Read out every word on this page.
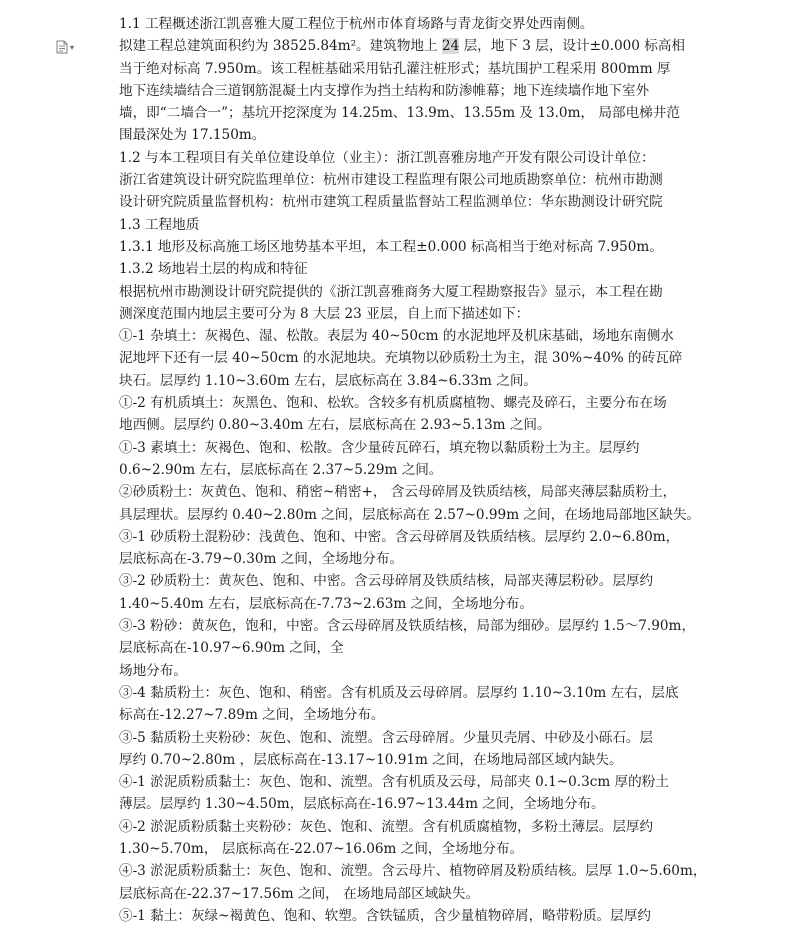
▾
1.1 工程概述浙江凯喜雅大厦工程位于杭州市体育场路与青龙街交界处西南侧。
拟建工程总建筑面积约为 38525.84m²。建筑物地上 24 层，地下 3 层，设计±0.000 标高相
当于绝对标高 7.950m。该工程桩基础采用钻孔灌注桩形式；基坑围护工程采用 800mm 厚
地下连续墙结合三道钢筋混凝土内支撑作为挡土结构和防渗帷幕；地下连续墙作地下室外
墙，即“二墙合一”；基坑开挖深度为 14.25m、13.9m、13.55m 及 13.0m， 局部电梯井范
围最深处为 17.150m。
1.2 与本工程项目有关单位建设单位（业主）：浙江凯喜雅房地产开发有限公司设计单位：
浙江省建筑设计研究院监理单位：杭州市建设工程监理有限公司地质勘察单位：杭州市勘测
设计研究院质量监督机构：杭州市建筑工程质量监督站工程监测单位：华东勘测设计研究院
1.3 工程地质
1.3.1 地形及标高施工场区地势基本平坦，本工程±0.000 标高相当于绝对标高 7.950m。
1.3.2 场地岩土层的构成和特征
根据杭州市勘测设计研究院提供的《浙江凯喜雅商务大厦工程勘察报告》显示，本工程在勘
测深度范围内地层主要可分为 8 大层 23 亚层，自上而下描述如下：
①-1 杂填土：灰褐色、湿、松散。表层为 40~50cm 的水泥地坪及机床基础，场地东南侧水
泥地坪下还有一层 40~50cm 的水泥地块。充填物以砂质粉土为主，混 30%~40% 的砖瓦碎
块石。层厚约 1.10~3.60m 左右，层底标高在 3.84~6.33m 之间。
①-2 有机质填土：灰黑色、饱和、松软。含较多有机质腐植物、螺壳及碎石，主要分布在场
地西侧。层厚约 0.80~3.40m 左右，层底标高在 2.93~5.13m 之间。
①-3 素填土：灰褐色、饱和、松散。含少量砖瓦碎石，填充物以黏质粉土为主。层厚约
0.6~2.90m 左右，层底标高在 2.37~5.29m 之间。
②砂质粉土：灰黄色、饱和、稍密~稍密+， 含云母碎屑及铁质结核，局部夹薄层黏质粉土，
具层理状。层厚约 0.40~2.80m 之间，层底标高在 2.57~0.99m 之间，在场地局部地区缺失。
③-1 砂质粉土混粉砂：浅黄色、饱和、中密。含云母碎屑及铁质结核。层厚约 2.0~6.80m，
层底标高在-3.79~0.30m 之间，全场地分布。
③-2 砂质粉土：黄灰色、饱和、中密。含云母碎屑及铁质结核，局部夹薄层粉砂。层厚约
1.40~5.40m 左右，层底标高在-7.73~2.63m 之间，全场地分布。
③-3 粉砂：黄灰色，饱和，中密。含云母碎屑及铁质结核，局部为细砂。层厚约 1.5～7.90m，
层底标高在-10.97~6.90m 之间，全
场地分布。
③-4 黏质粉土：灰色、饱和、稍密。含有机质及云母碎屑。层厚约 1.10~3.10m 左右，层底
标高在-12.27~7.89m 之间，全场地分布。
③-5 黏质粉土夹粉砂：灰色、饱和、流塑。含云母碎屑。少量贝壳屑、中砂及小砾石。层
厚约 0.70~2.80m ，层底标高在-13.17~10.91m 之间，在场地局部区域内缺失。
④-1 淤泥质粉质黏土：灰色、饱和、流塑。含有机质及云母，局部夹 0.1~0.3cm 厚的粉土
薄层。层厚约 1.30~4.50m，层底标高在-16.97~13.44m 之间，全场地分布。
④-2 淤泥质粉质黏土夹粉砂：灰色、饱和、流塑。含有机质腐植物，多粉土薄层。层厚约
1.30~5.70m， 层底标高在-22.07~16.06m 之间，全场地分布。
④-3 淤泥质粉质黏土：灰色、饱和、流塑。含云母片、植物碎屑及粉质结核。层厚 1.0~5.60m，
层底标高在-22.37~17.56m 之间， 在场地局部区域缺失。
⑤-1 黏土：灰绿~褐黄色、饱和、软塑。含铁锰质，含少量植物碎屑，略带粉质。层厚约
